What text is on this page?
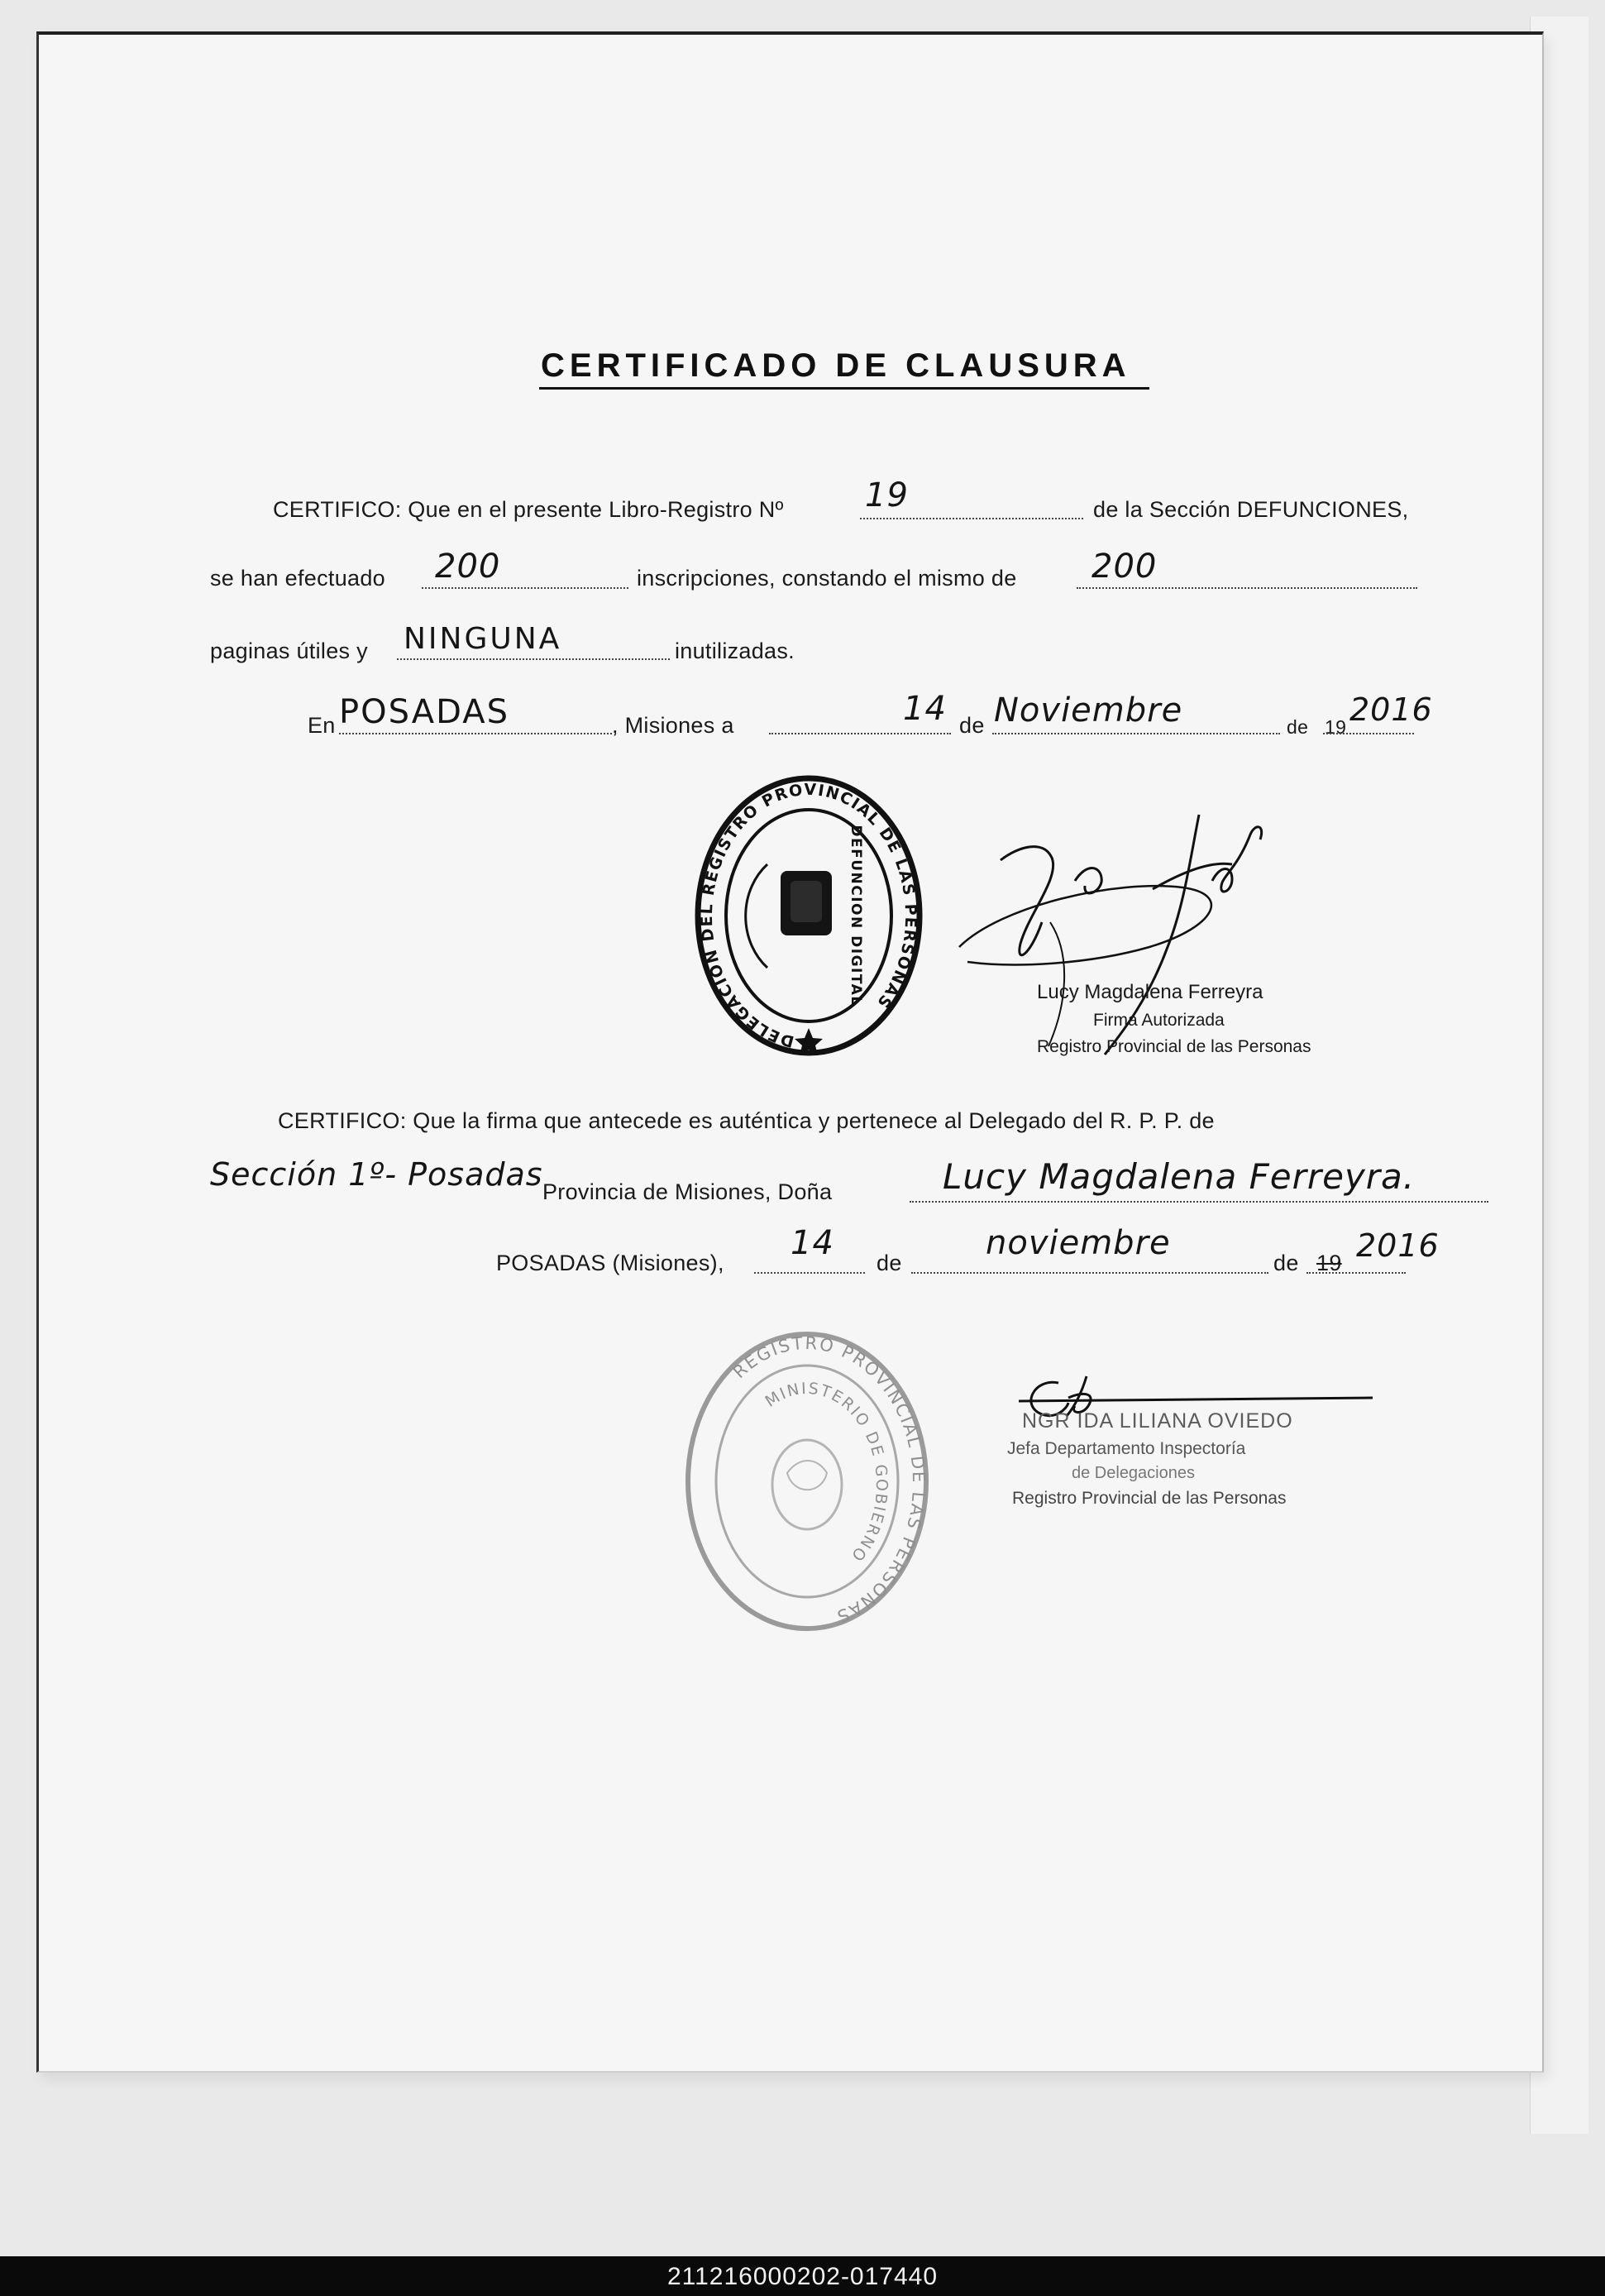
CERTIFICADO DE CLAUSURA
CERTIFICO: Que en el presente Libro-Registro Nº 19	de la Sección DEFUNCIONES,
se han efectuado 200	inscripciones, constando el mismo de 200
paginas útiles y NINGUNA	inutilizadas.
En POSADAS	, Misiones a	14 de Noviembre	de 19 2016
DELEGACIÓN DEL REGISTRO PROVINCIAL DE LAS PERSONAS
DEFUNCION DIGITAL	Lucy Magdalena Ferreyra
Firma Autorizada
Registro Provincial de las Personas
CERTIFICO: Que la firma que antecede es auténtica y pertenece al Delegado del R. P. P. de
Sección 1º- Posadas Provincia de Misiones, Doña	Lucy Magdalena Ferreyra.
POSADAS (Misiones),
14
de
noviembre
de 19 2016
REGISTRO PROVINCIAL DE LAS PERSONAS
MINISTERIO DE GOBIERNO
NGR IDA LILIANA OVIEDO
Jefa Departamento Inspectoría
de Delegaciones
Registro Provincial de las Personas
211216000202-017440
